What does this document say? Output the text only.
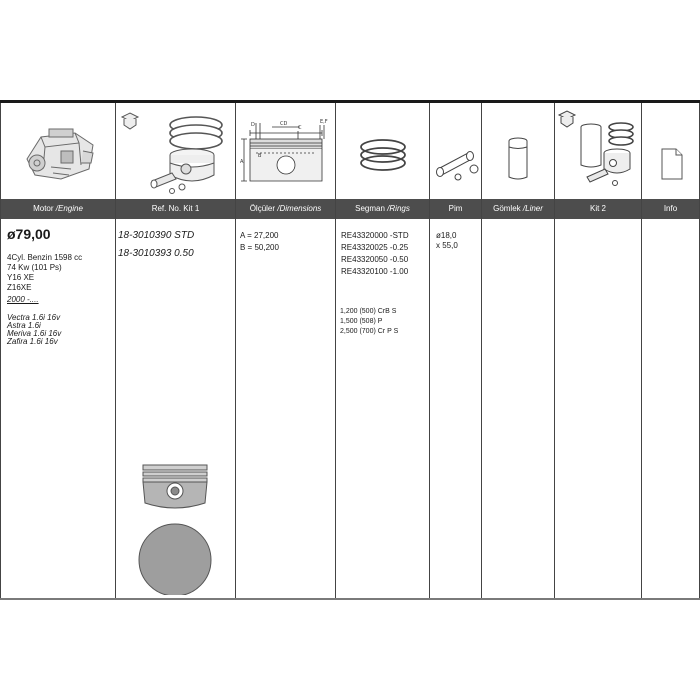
Motor /Engine
ø79,00
4Cyl. Benzin 1598 cc
74 Kw (101 Ps)
Y16 XE
Z16XE
2000 -....
Vectra 1.6i 16v
Astra 1.6i
Meriva 1.6i 16v
Zafira 1.6i 16v
Ref. No. Kit 1
18-3010390 STD
18-3010393 0.50
D
A
B
CD
C
E,F
Ölçüler /Dimensions
A = 27,200
B = 50,200
Segman /Rings
RE43320000 -STD
RE43320025 -0.25
RE43320050 -0.50
RE43320100 -1.00
1,200 (500) CrB S
1,500 (508) P
2,500 (700) Cr P S
Pim
ø18,0
x 55,0
Gömlek /Liner	Kit 2	Info
